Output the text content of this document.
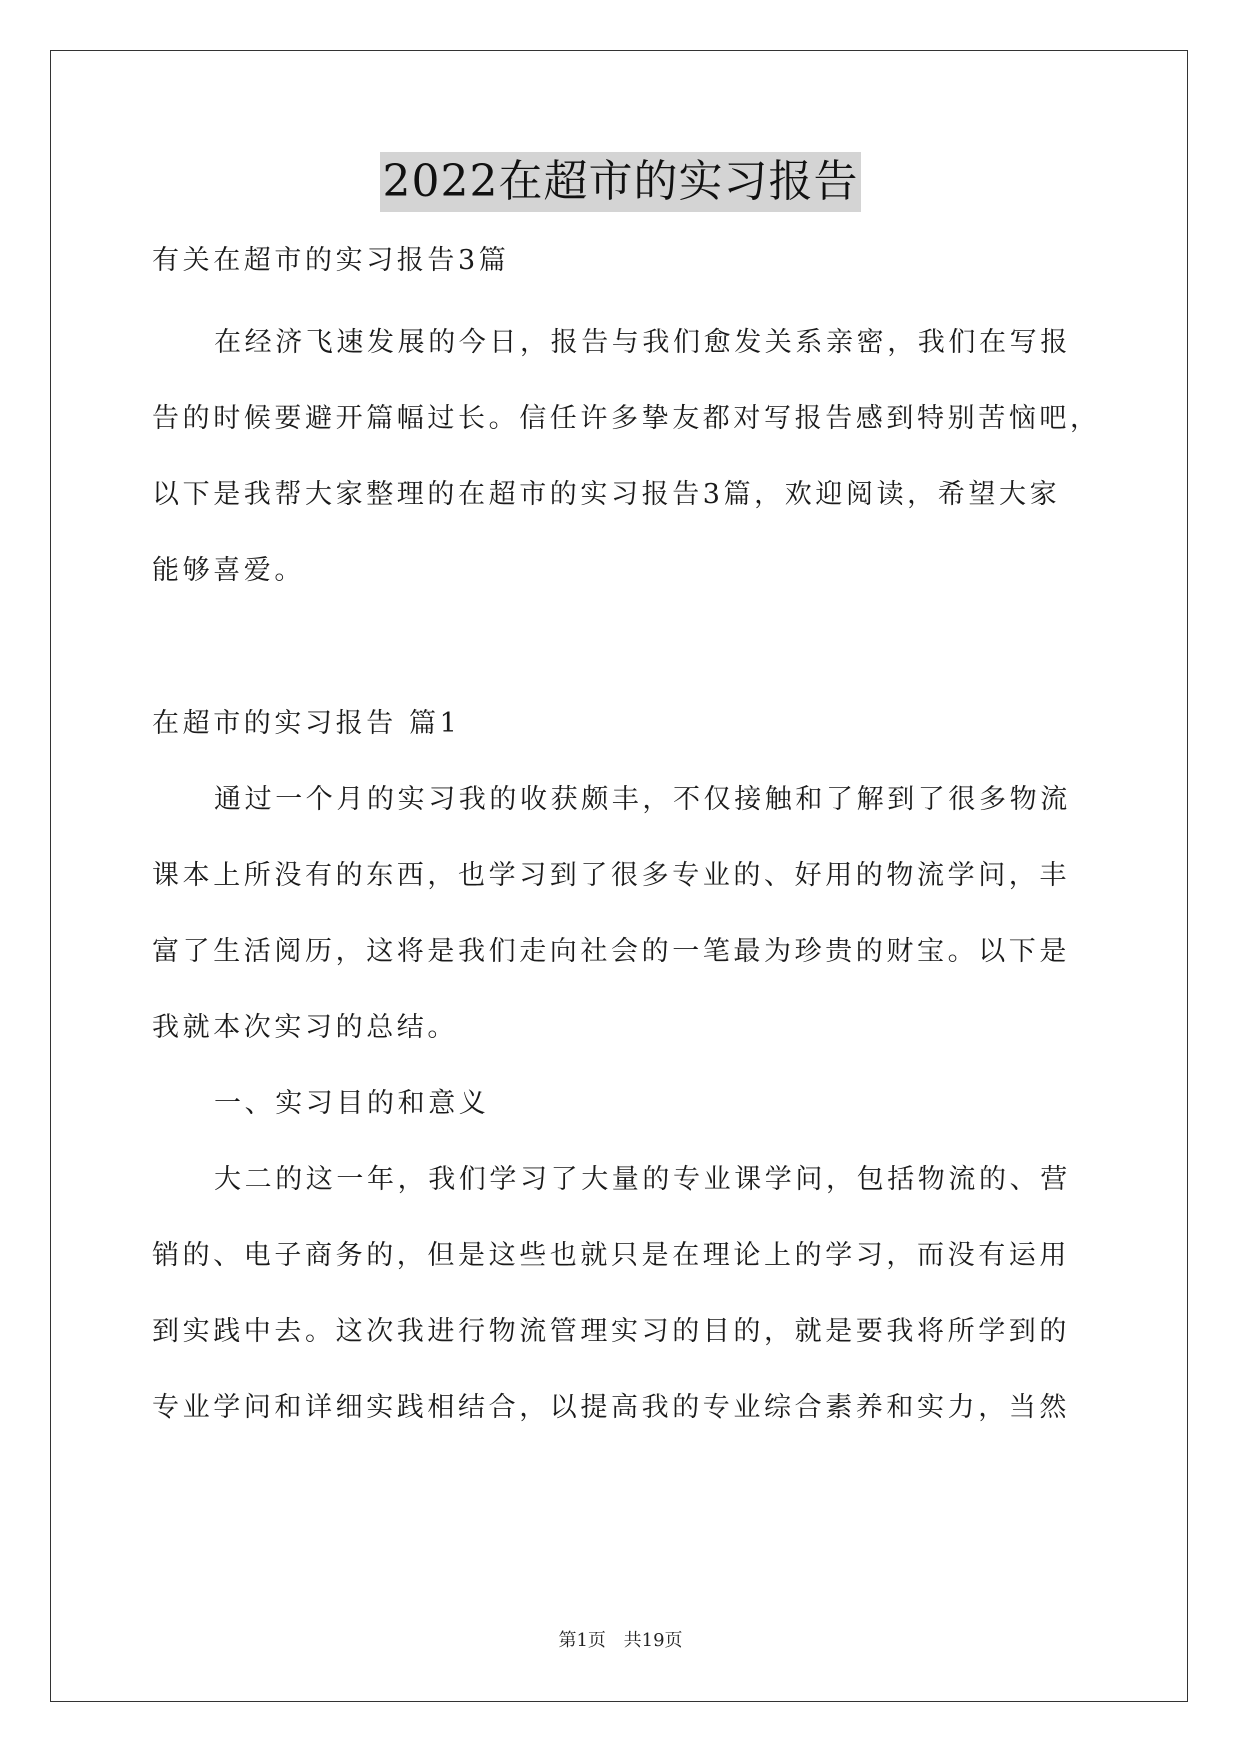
2022在超市的实习报告
有关在超市的实习报告3篇
在经济飞速发展的今日，报告与我们愈发关系亲密，我们在写报
告的时候要避开篇幅过长。信任许多挚友都对写报告感到特别苦恼吧，
以下是我帮大家整理的在超市的实习报告3篇，欢迎阅读，希望大家
能够喜爱。
在超市的实习报告 篇1
通过一个月的实习我的收获颇丰，不仅接触和了解到了很多物流
课本上所没有的东西，也学习到了很多专业的、好用的物流学问，丰
富了生活阅历，这将是我们走向社会的一笔最为珍贵的财宝。以下是
我就本次实习的总结。
一、实习目的和意义
大二的这一年，我们学习了大量的专业课学问，包括物流的、营
销的、电子商务的，但是这些也就只是在理论上的学习，而没有运用
到实践中去。这次我进行物流管理实习的目的，就是要我将所学到的
专业学问和详细实践相结合，以提高我的专业综合素养和实力，当然
第1页 共19页
